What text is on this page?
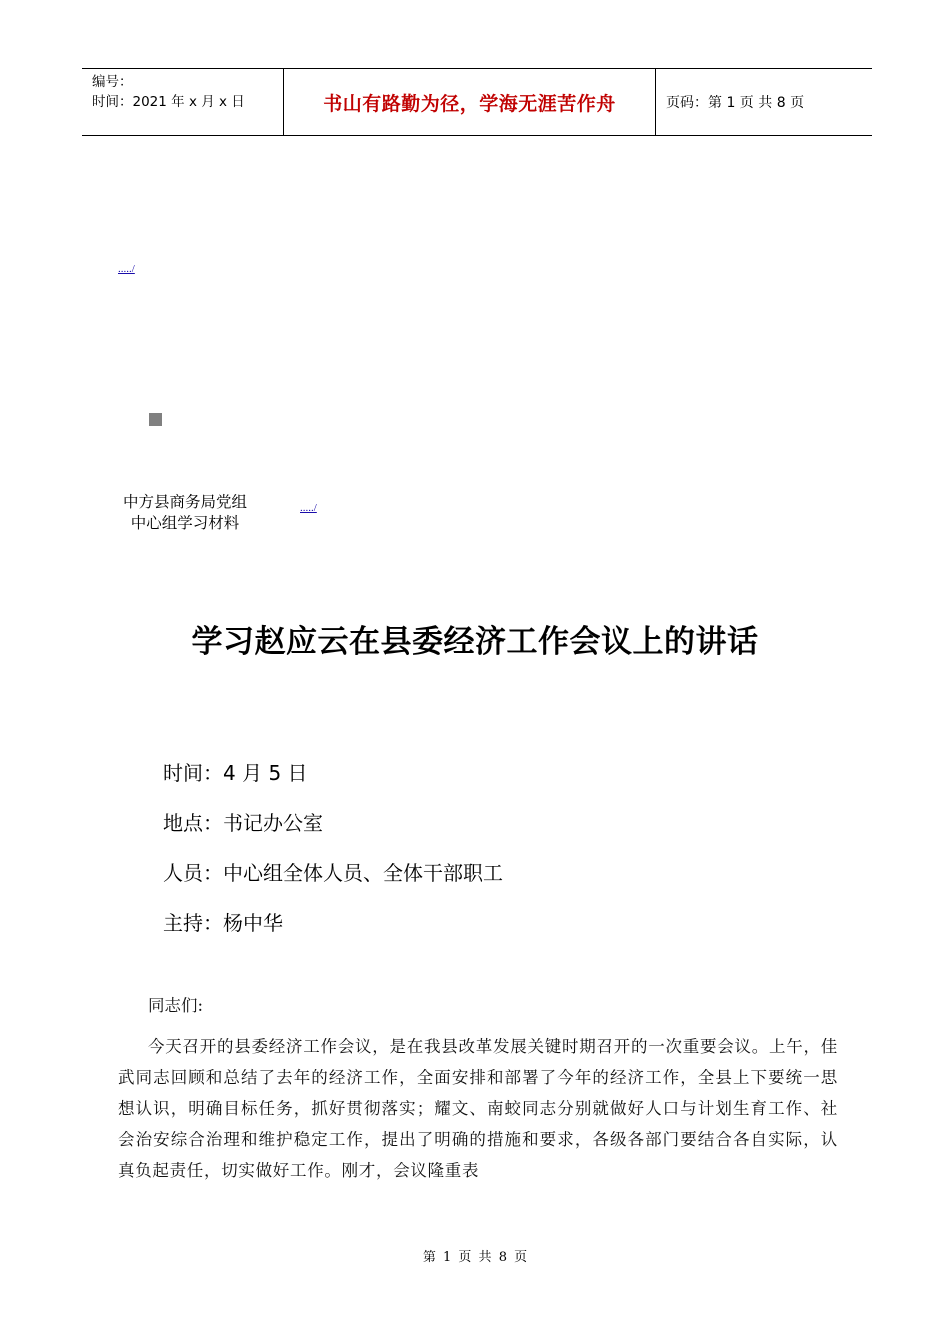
编号：
时间：2021 年 x 月 x 日	书山有路勤为径，学海无涯苦作舟	页码：第 1 页 共 8 页
...../
中方县商务局党组
中心组学习材料
...../
学习赵应云在县委经济工作会议上的讲话
时间：4 月 5 日
地点：书记办公室
人员：中心组全体人员、全体干部职工
主持：杨中华
同志们:
今天召开的县委经济工作会议，是在我县改革发展关键时期召开的一次重要会议。上午，佳武同志回顾和总结了去年的经济工作，全面安排和部署了今年的经济工作，全县上下要统一思想认识，明确目标任务，抓好贯彻落实；耀文、南蛟同志分别就做好人口与计划生育工作、社会治安综合治理和维护稳定工作，提出了明确的措施和要求，各级各部门要结合各自实际，认真负起责任，切实做好工作。刚才，会议隆重表
第 1 页 共 8 页
